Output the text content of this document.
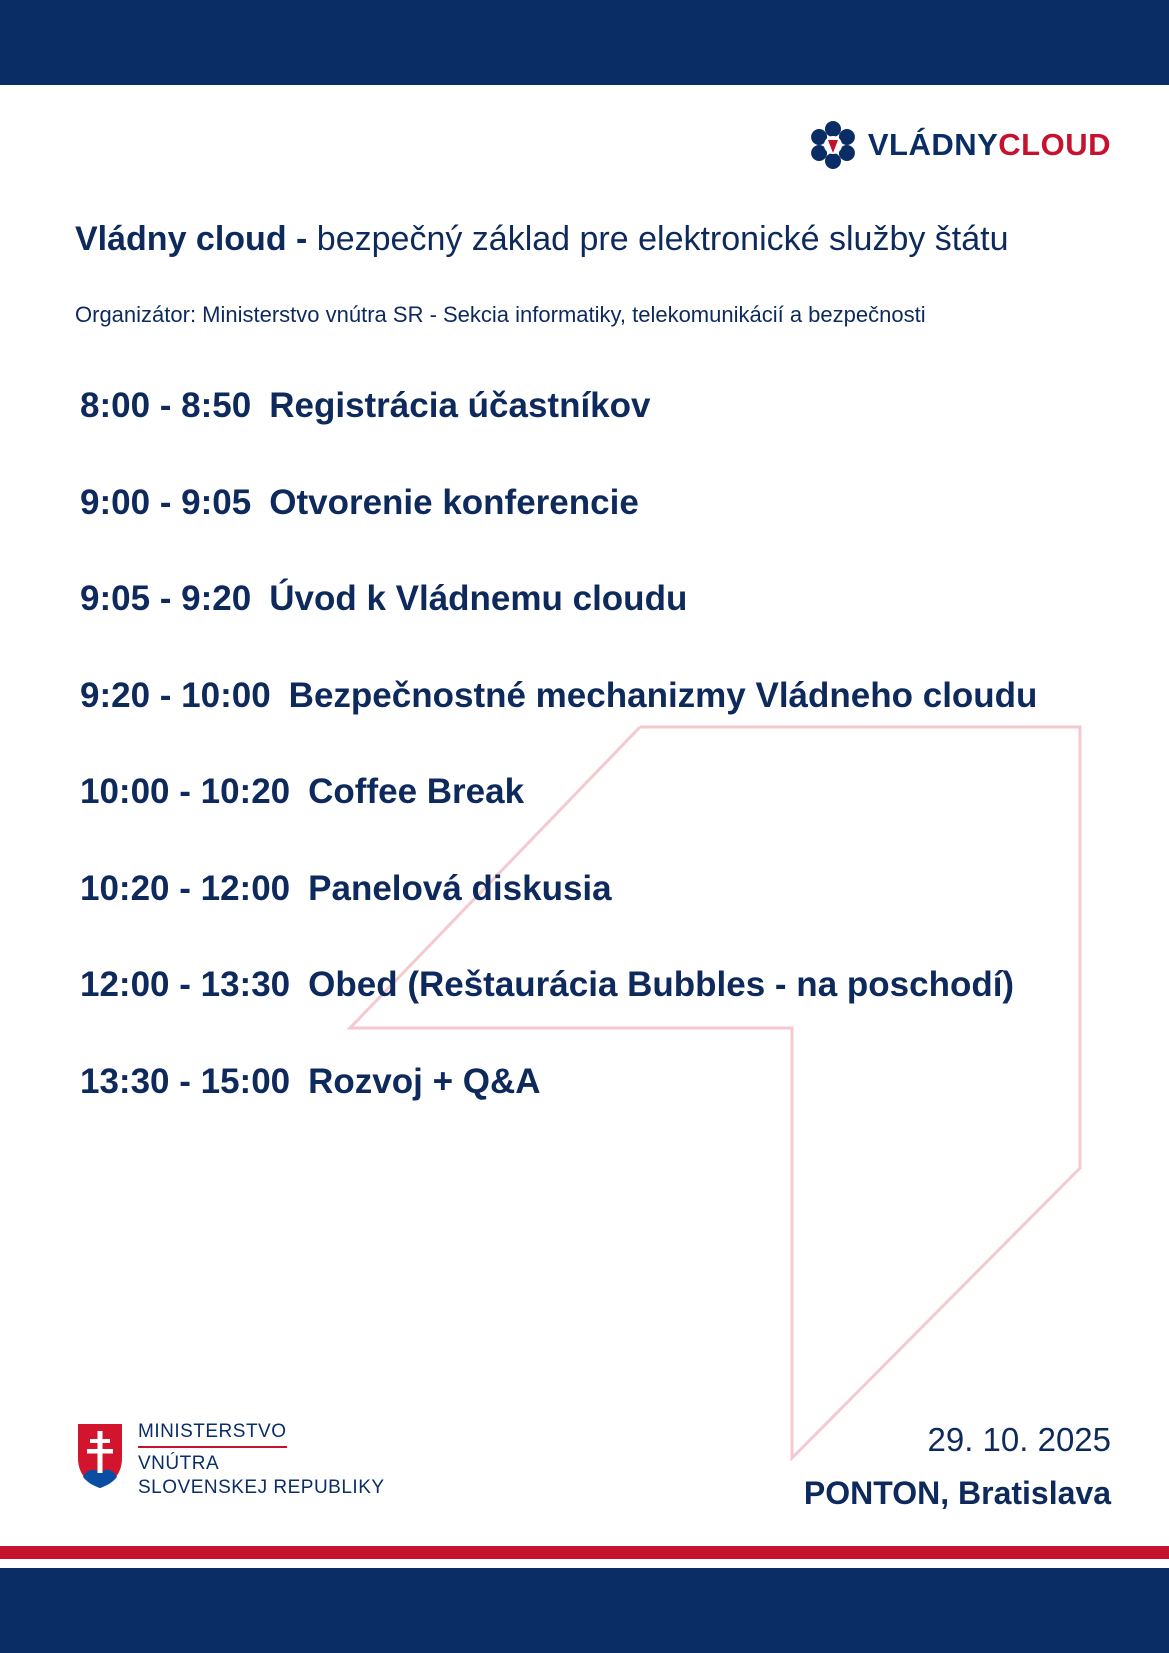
VLÁDNYCLOUD
Vládny cloud - bezpečný základ pre elektronické služby štátu
Organizátor: Ministerstvo vnútra SR - Sekcia informatiky, telekomunikácií a bezpečnosti
8:00 - 8:50 Registrácia účastníkov
9:00 - 9:05 Otvorenie konferencie
9:05 - 9:20 Úvod k Vládnemu cloudu
9:20 - 10:00 Bezpečnostné mechanizmy Vládneho cloudu
10:00 - 10:20 Coffee Break
10:20 - 12:00 Panelová diskusia
12:00 - 13:30 Obed (Reštaurácia Bubbles - na poschodí)
13:30 - 15:00 Rozvoj + Q&A
MINISTERSTVO
VNÚTRA
SLOVENSKEJ REPUBLIKY
29. 10. 2025
PONTON, Bratislava
